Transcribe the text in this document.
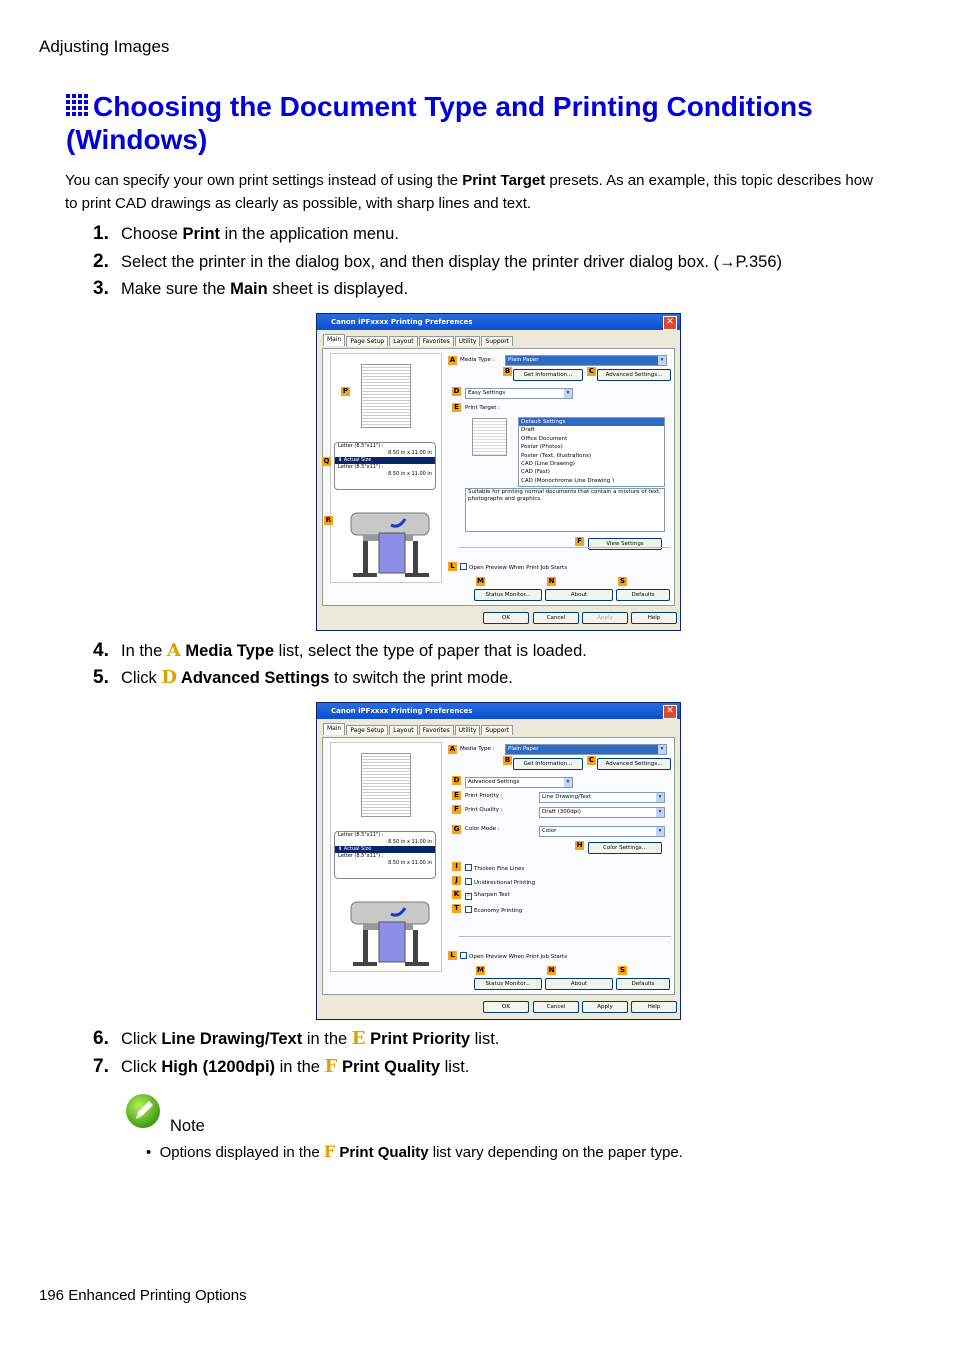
Adjusting Images
Choosing the Document Type and Printing Conditions (Windows)
You can specify your own print settings instead of using the Print Target presets. As an example, this topic describes how to print CAD drawings as clearly as possible, with sharp lines and text.
1. Choose Print in the application menu.
2. Select the printer in the dialog box, and then display the printer driver dialog box. (→P.356)
3. Make sure the Main sheet is displayed.
Canon iPFxxxx Printing Preferences	✕
Main	Page Setup	Layout	Favorites	Utility	Support
Letter (8.5"x11") :
8.50 in x 11.00 in
⬇ Actual Size
Letter (8.5"x11") :
8.50 in x 11.00 in
P
Q
R
A Media Type :	Plain Paper ▾
B	Get Information...	C	Advanced Settings...
D	Easy Settings ▾
E	Print Target :
Default Settings
Draft
Office Document
Poster (Photos)
Poster (Text, Illustrations)
CAD (Line Drawing)
CAD (Fast)
CAD (Monochrome Line Drawing )
Suitable for printing normal documents that contain a mixture of text, photographs and graphics.
F	View Settings
L	Open Preview When Print Job Starts
M	N	S
Status Monitor...	About	Defaults
OK	Cancel	Apply	Help
4. In the A Media Type list, select the type of paper that is loaded.
5. Click D Advanced Settings to switch the print mode.
Canon iPFxxxx Printing Preferences	✕
Main	Page Setup	Layout	Favorites	Utility	Support
Letter (8.5"x11") :
8.50 in x 11.00 in
⬇ Actual Size
Letter (8.5"x11") :
8.50 in x 11.00 in
A Media Type :	Plain Paper ▾
B	Get Information...	C	Advanced Settings...
D	Advanced Settings ▾
E	Print Priority :	Line Drawing/Text ▾
F	Print Quality :	Draft (300dpi) ▾
G Color Mode :	Color ▾
H	Color Settings...
I	Thicken Fine Lines
J	Unidirectional Printing
K	✓ Sharpen Text
T	Economy Printing
L	Open Preview When Print Job Starts
M	N	S
Status Monitor...	About	Defaults
OK	Cancel	Apply	Help
6. Click Line Drawing/Text in the E Print Priority list.
7. Click High (1200dpi) in the F Print Quality list.
Note
•  Options displayed in the F Print Quality list vary depending on the paper type.
196 Enhanced Printing Options
